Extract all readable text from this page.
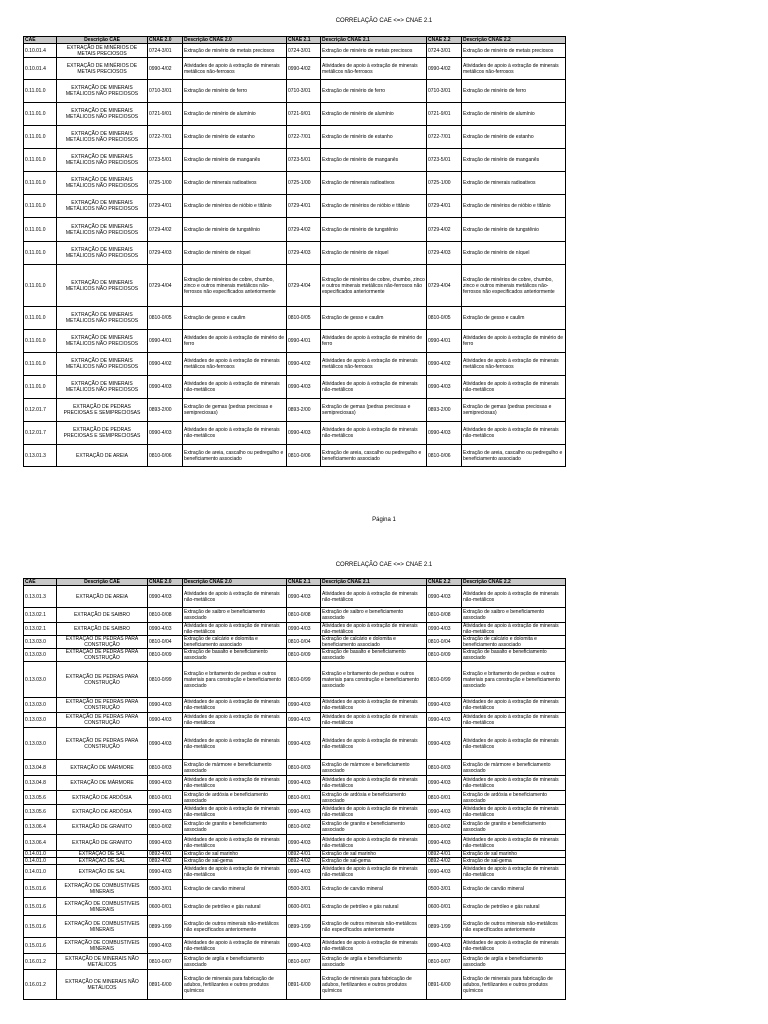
CORRELAÇÃO CAE <=> CNAE 2.1
CAE	Descrição CAE	CNAE 2.0	Descrição CNAE 2.0	CNAE 2.1	Descrição CNAE 2.1	CNAE 2.2	Descrição CNAE 2.2
0.10.01.4	EXTRAÇÃO DE MINÉRIOS DE METAIS PRECIOSOS	0724-3/01	Extração de minério de metais preciosos	0724-3/01	Extração de minério de metais preciosos	0724-3/01	Extração de minério de metais preciosos
0.10.01.4	EXTRAÇÃO DE MINÉRIOS DE METAIS PRECIOSOS	0990-4/02	Atividades de apoio à extração de minerais metálicos não-ferrosos	0990-4/02	Atividades de apoio à extração de minerais metálicos não-ferrosos	0990-4/02	Atividades de apoio à extração de minerais metálicos não-ferrosos
0.11.01.0	EXTRAÇÃO DE MINERAIS METÁLICOS NÃO PRECIOSOS	0710-3/01	Extração de minério de ferro	0710-3/01	Extração de minério de ferro	0710-3/01	Extração de minério de ferro
0.11.01.0	EXTRAÇÃO DE MINERAIS METÁLICOS NÃO PRECIOSOS	0721-9/01	Extração de minério de alumínio	0721-9/01	Extração de minério de alumínio	0721-9/01	Extração de minério de alumínio
0.11.01.0	EXTRAÇÃO DE MINERAIS METÁLICOS NÃO PRECIOSOS	0722-7/01	Extração de minério de estanho	0722-7/01	Extração de minério de estanho	0722-7/01	Extração de minério de estanho
0.11.01.0	EXTRAÇÃO DE MINERAIS METÁLICOS NÃO PRECIOSOS	0723-5/01	Extração de minério de manganês	0723-5/01	Extração de minério de manganês	0723-5/01	Extração de minério de manganês
0.11.01.0	EXTRAÇÃO DE MINERAIS METÁLICOS NÃO PRECIOSOS	0725-1/00	Extração de minerais radioativos	0725-1/00	Extração de minerais radioativos	0725-1/00	Extração de minerais radioativos
0.11.01.0	EXTRAÇÃO DE MINERAIS METÁLICOS NÃO PRECIOSOS	0729-4/01	Extração de minérios de nióbio e titânio	0729-4/01	Extração de minérios de nióbio e titânio	0729-4/01	Extração de minérios de nióbio e titânio
0.11.01.0	EXTRAÇÃO DE MINERAIS METÁLICOS NÃO PRECIOSOS	0729-4/02	Extração de minério de tungstênio	0729-4/02	Extração de minério de tungstênio	0729-4/02	Extração de minério de tungstênio
0.11.01.0	EXTRAÇÃO DE MINERAIS METÁLICOS NÃO PRECIOSOS	0729-4/03	Extração de minério de níquel	0729-4/03	Extração de minério de níquel	0729-4/03	Extração de minério de níquel
0.11.01.0	EXTRAÇÃO DE MINERAIS METÁLICOS NÃO PRECIOSOS	0729-4/04	Extração de minérios de cobre, chumbo, zinco e outros minerais metálicos não-ferrosos não especificados anteriormente	0729-4/04	Extração de minérios de cobre, chumbo, zinco e outros minerais metálicos não-ferrosos não especificados anteriormente	0729-4/04	Extração de minérios de cobre, chumbo, zinco e outros minerais metálicos não-ferrosos não especificados anteriormente
0.11.01.0	EXTRAÇÃO DE MINERAIS METÁLICOS NÃO PRECIOSOS	0810-0/05	Extração de gesso e caulim	0810-0/05	Extração de gesso e caulim	0810-0/05	Extração de gesso e caulim
0.11.01.0	EXTRAÇÃO DE MINERAIS METÁLICOS NÃO PRECIOSOS	0990-4/01	Atividades de apoio à extração de minério de ferro	0990-4/01	Atividades de apoio à extração de minério de ferro	0990-4/01	Atividades de apoio à extração de minério de ferro
0.11.01.0	EXTRAÇÃO DE MINERAIS METÁLICOS NÃO PRECIOSOS	0990-4/02	Atividades de apoio à extração de minerais metálicos não-ferrosos	0990-4/02	Atividades de apoio à extração de minerais metálicos não-ferrosos	0990-4/02	Atividades de apoio à extração de minerais metálicos não-ferrosos
0.11.01.0	EXTRAÇÃO DE MINERAIS METÁLICOS NÃO PRECIOSOS	0990-4/03	Atividades de apoio à extração de minerais não-metálicos	0990-4/03	Atividades de apoio à extração de minerais não-metálicos	0990-4/03	Atividades de apoio à extração de minerais não-metálicos
0.12.01.7	EXTRAÇÃO DE PEDRAS PRECIOSAS E SEMIPRECIOSAS	0893-2/00	Extração de gemas (pedras preciosas e semipreciosas)	0893-2/00	Extração de gemas (pedras preciosas e semipreciosas)	0893-2/00	Extração de gemas (pedras preciosas e semipreciosas)
0.12.01.7	EXTRAÇÃO DE PEDRAS PRECIOSAS E SEMIPRECIOSAS	0990-4/03	Atividades de apoio à extração de minerais não-metálicos	0990-4/03	Atividades de apoio à extração de minerais não-metálicos	0990-4/03	Atividades de apoio à extração de minerais não-metálicos
0.13.01.3	EXTRAÇÃO DE AREIA	0810-0/06	Extração de areia, cascalho ou pedregulho e beneficiamento associado	0810-0/06	Extração de areia, cascalho ou pedregulho e beneficiamento associado	0810-0/06	Extração de areia, cascalho ou pedregulho e beneficiamento associado
Página 1
CORRELAÇÃO CAE <=> CNAE 2.1
CAE	Descrição CAE	CNAE 2.0	Descrição CNAE 2.0	CNAE 2.1	Descrição CNAE 2.1	CNAE 2.2	Descrição CNAE 2.2
0.13.01.3	EXTRAÇÃO DE AREIA	0990-4/03	Atividades de apoio à extração de minerais não-metálicos	0990-4/03	Atividades de apoio à extração de minerais não-metálicos	0990-4/03	Atividades de apoio à extração de minerais não-metálicos
0.13.02.1	EXTRAÇÃO DE SAIBRO	0810-0/08	Extração de saibro e beneficiamento associado	0810-0/08	Extração de saibro e beneficiamento associado	0810-0/08	Extração de saibro e beneficiamento associado
0.13.02.1	EXTRAÇÃO DE SAIBRO	0990-4/03	Atividades de apoio à extração de minerais não-metálicos	0990-4/03	Atividades de apoio à extração de minerais não-metálicos	0990-4/03	Atividades de apoio à extração de minerais não-metálicos
0.13.03.0	EXTRAÇÃO DE PEDRAS PARA CONSTRUÇÃO	0810-0/04	Extração de calcário e dolomita e beneficiamento associado	0810-0/04	Extração de calcário e dolomita e beneficiamento associado	0810-0/04	Extração de calcário e dolomita e beneficiamento associado
0.13.03.0	EXTRAÇÃO DE PEDRAS PARA CONSTRUÇÃO	0810-0/09	Extração de basalto e beneficiamento associado	0810-0/09	Extração de basalto e beneficiamento associado	0810-0/09	Extração de basalto e beneficiamento associado
0.13.03.0	EXTRAÇÃO DE PEDRAS PARA CONSTRUÇÃO	0810-0/99	Extração e britamento de pedras e outros materiais para construção e beneficiamento associado	0810-0/99	Extração e britamento de pedras e outros materiais para construção e beneficiamento associado	0810-0/99	Extração e britamento de pedras e outros materiais para construção e beneficiamento associado
0.13.03.0	EXTRAÇÃO DE PEDRAS PARA CONSTRUÇÃO	0990-4/03	Atividades de apoio à extração de minerais não-metálicos	0990-4/03	Atividades de apoio à extração de minerais não-metálicos	0990-4/03	Atividades de apoio à extração de minerais não-metálicos
0.13.03.0	EXTRAÇÃO DE PEDRAS PARA CONSTRUÇÃO	0990-4/03	Atividades de apoio à extração de minerais não-metálicos	0990-4/03	Atividades de apoio à extração de minerais não-metálicos	0990-4/03	Atividades de apoio à extração de minerais não-metálicos
0.13.03.0	EXTRAÇÃO DE PEDRAS PARA CONSTRUÇÃO	0990-4/03	Atividades de apoio à extração de minerais não-metálicos	0990-4/03	Atividades de apoio à extração de minerais não-metálicos	0990-4/03	Atividades de apoio à extração de minerais não-metálicos
0.13.04.8	EXTRAÇÃO DE MÁRMORE	0810-0/03	Extração de mármore e beneficiamento associado	0810-0/03	Extração de mármore e beneficiamento associado	0810-0/03	Extração de mármore e beneficiamento associado
0.13.04.8	EXTRAÇÃO DE MÁRMORE	0990-4/03	Atividades de apoio à extração de minerais não-metálicos	0990-4/03	Atividades de apoio à extração de minerais não-metálicos	0990-4/03	Atividades de apoio à extração de minerais não-metálicos
0.13.05.6	EXTRAÇÃO DE ARDÓSIA	0810-0/01	Extração de ardósia e beneficiamento associado	0810-0/01	Extração de ardósia e beneficiamento associado	0810-0/01	Extração de ardósia e beneficiamento associado
0.13.05.6	EXTRAÇÃO DE ARDÓSIA	0990-4/03	Atividades de apoio à extração de minerais não-metálicos	0990-4/03	Atividades de apoio à extração de minerais não-metálicos	0990-4/03	Atividades de apoio à extração de minerais não-metálicos
0.13.06.4	EXTRAÇÃO DE GRANITO	0810-0/02	Extração de granito e beneficiamento associado	0810-0/02	Extração de granito e beneficiamento associado	0810-0/02	Extração de granito e beneficiamento associado
0.13.06.4	EXTRAÇÃO DE GRANITO	0990-4/03	Atividades de apoio à extração de minerais não-metálicos	0990-4/03	Atividades de apoio à extração de minerais não-metálicos	0990-4/03	Atividades de apoio à extração de minerais não-metálicos
0.14.01.0	EXTRAÇÃO DE SAL	0892-4/01	Extração de sal marinho	0892-4/01	Extração de sal marinho	0892-4/01	Extração de sal marinho
0.14.01.0	EXTRAÇÃO DE SAL	0892-4/02	Extração de sal-gema	0892-4/02	Extração de sal-gema	0892-4/02	Extração de sal-gema
0.14.01.0	EXTRAÇÃO DE SAL	0990-4/03	Atividades de apoio à extração de minerais não-metálicos	0990-4/03	Atividades de apoio à extração de minerais não-metálicos	0990-4/03	Atividades de apoio à extração de minerais não-metálicos
0.15.01.6	EXTRAÇÃO DE COMBUSTIVEIS MINERAIS	0500-3/01	Extração de carvão mineral	0500-3/01	Extração de carvão mineral	0500-3/01	Extração de carvão mineral
0.15.01.6	EXTRAÇÃO DE COMBUSTIVEIS MINERAIS	0600-0/01	Extração de petróleo e gás natural	0600-0/01	Extração de petróleo e gás natural	0600-0/01	Extração de petróleo e gás natural
0.15.01.6	EXTRAÇÃO DE COMBUSTIVEIS MINERAIS	0899-1/99	Extração de outros minerais não-metálicos não especificados anteriormente	0899-1/99	Extração de outros minerais não-metálicos não especificados anteriormente	0899-1/99	Extração de outros minerais não-metálicos não especificados anteriormente
0.15.01.6	EXTRAÇÃO DE COMBUSTIVEIS MINERAIS	0990-4/03	Atividades de apoio à extração de minerais não-metálicos	0990-4/03	Atividades de apoio à extração de minerais não-metálicos	0990-4/03	Atividades de apoio à extração de minerais não-metálicos
0.16.01.2	EXTRAÇÃO DE MINERAIS NÃO METÁLICOS	0810-0/07	Extração de argila e beneficiamento associado	0810-0/07	Extração de argila e beneficiamento associado	0810-0/07	Extração de argila e beneficiamento associado
0.16.01.2	EXTRAÇÃO DE MINERAIS NÃO METÁLICOS	0891-6/00	Extração de minerais para fabricação de adubos, fertilizantes e outros produtos químicos	0891-6/00	Extração de minerais para fabricação de adubos, fertilizantes e outros produtos químicos	0891-6/00	Extração de minerais para fabricação de adubos, fertilizantes e outros produtos químicos
